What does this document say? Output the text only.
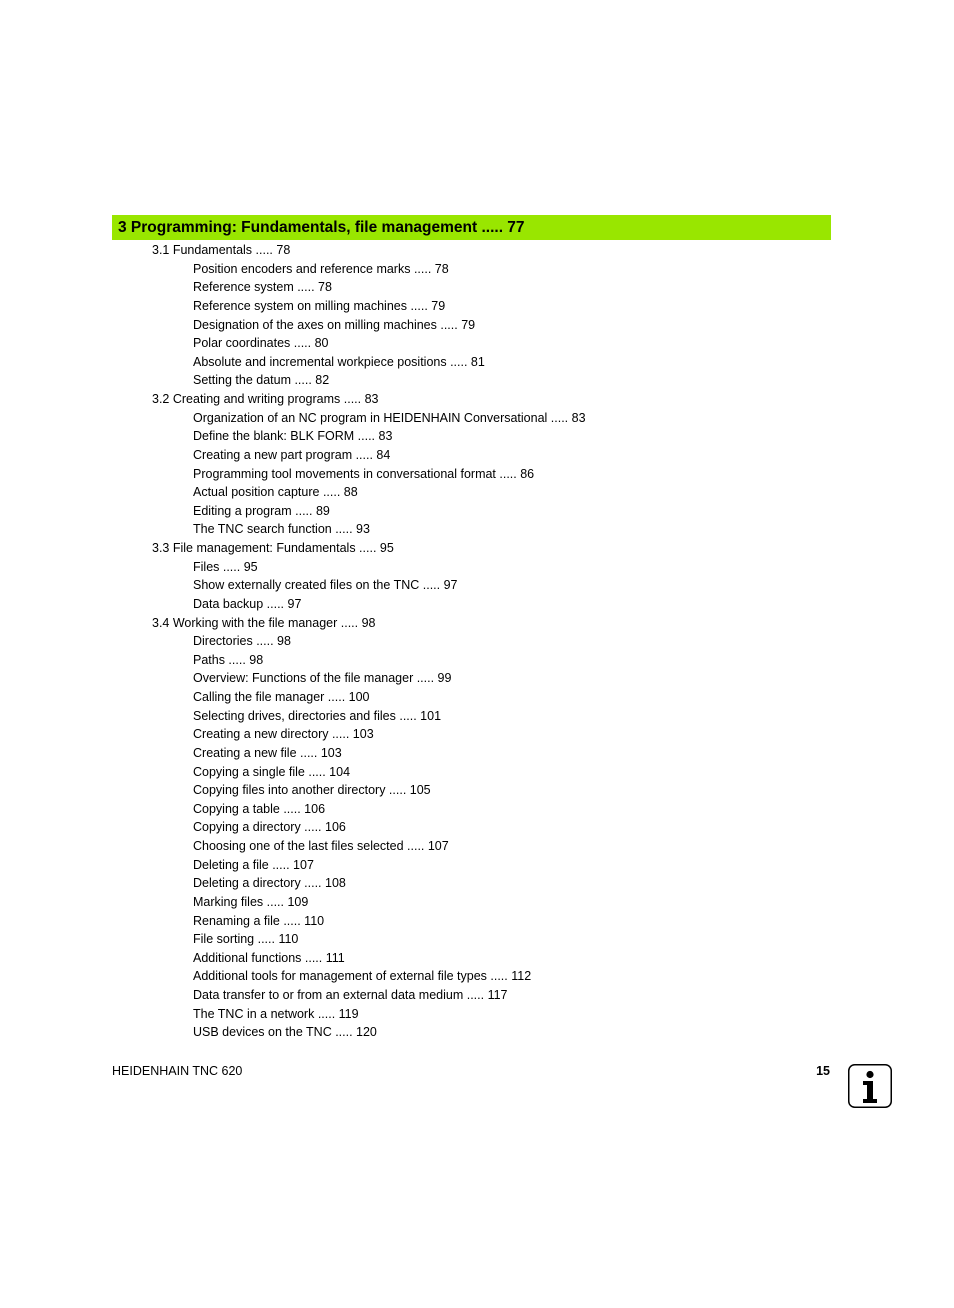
3 Programming: Fundamentals, file management ..... 77
3.1 Fundamentals ..... 78
Position encoders and reference marks ..... 78
Reference system ..... 78
Reference system on milling machines ..... 79
Designation of the axes on milling machines ..... 79
Polar coordinates ..... 80
Absolute and incremental workpiece positions ..... 81
Setting the datum ..... 82
3.2 Creating and writing programs ..... 83
Organization of an NC program in HEIDENHAIN Conversational ..... 83
Define the blank: BLK FORM ..... 83
Creating a new part program ..... 84
Programming tool movements in conversational format ..... 86
Actual position capture ..... 88
Editing a program ..... 89
The TNC search function ..... 93
3.3 File management: Fundamentals ..... 95
Files ..... 95
Show externally created files on the TNC ..... 97
Data backup ..... 97
3.4 Working with the file manager ..... 98
Directories ..... 98
Paths ..... 98
Overview: Functions of the file manager ..... 99
Calling the file manager ..... 100
Selecting drives, directories and files ..... 101
Creating a new directory ..... 103
Creating a new file ..... 103
Copying a single file ..... 104
Copying files into another directory ..... 105
Copying a table ..... 106
Copying a directory ..... 106
Choosing one of the last files selected ..... 107
Deleting a file ..... 107
Deleting a directory ..... 108
Marking files ..... 109
Renaming a file ..... 110
File sorting ..... 110
Additional functions ..... 111
Additional tools for management of external file types ..... 112
Data transfer to or from an external data medium ..... 117
The TNC in a network ..... 119
USB devices on the TNC ..... 120
HEIDENHAIN TNC 620	15
